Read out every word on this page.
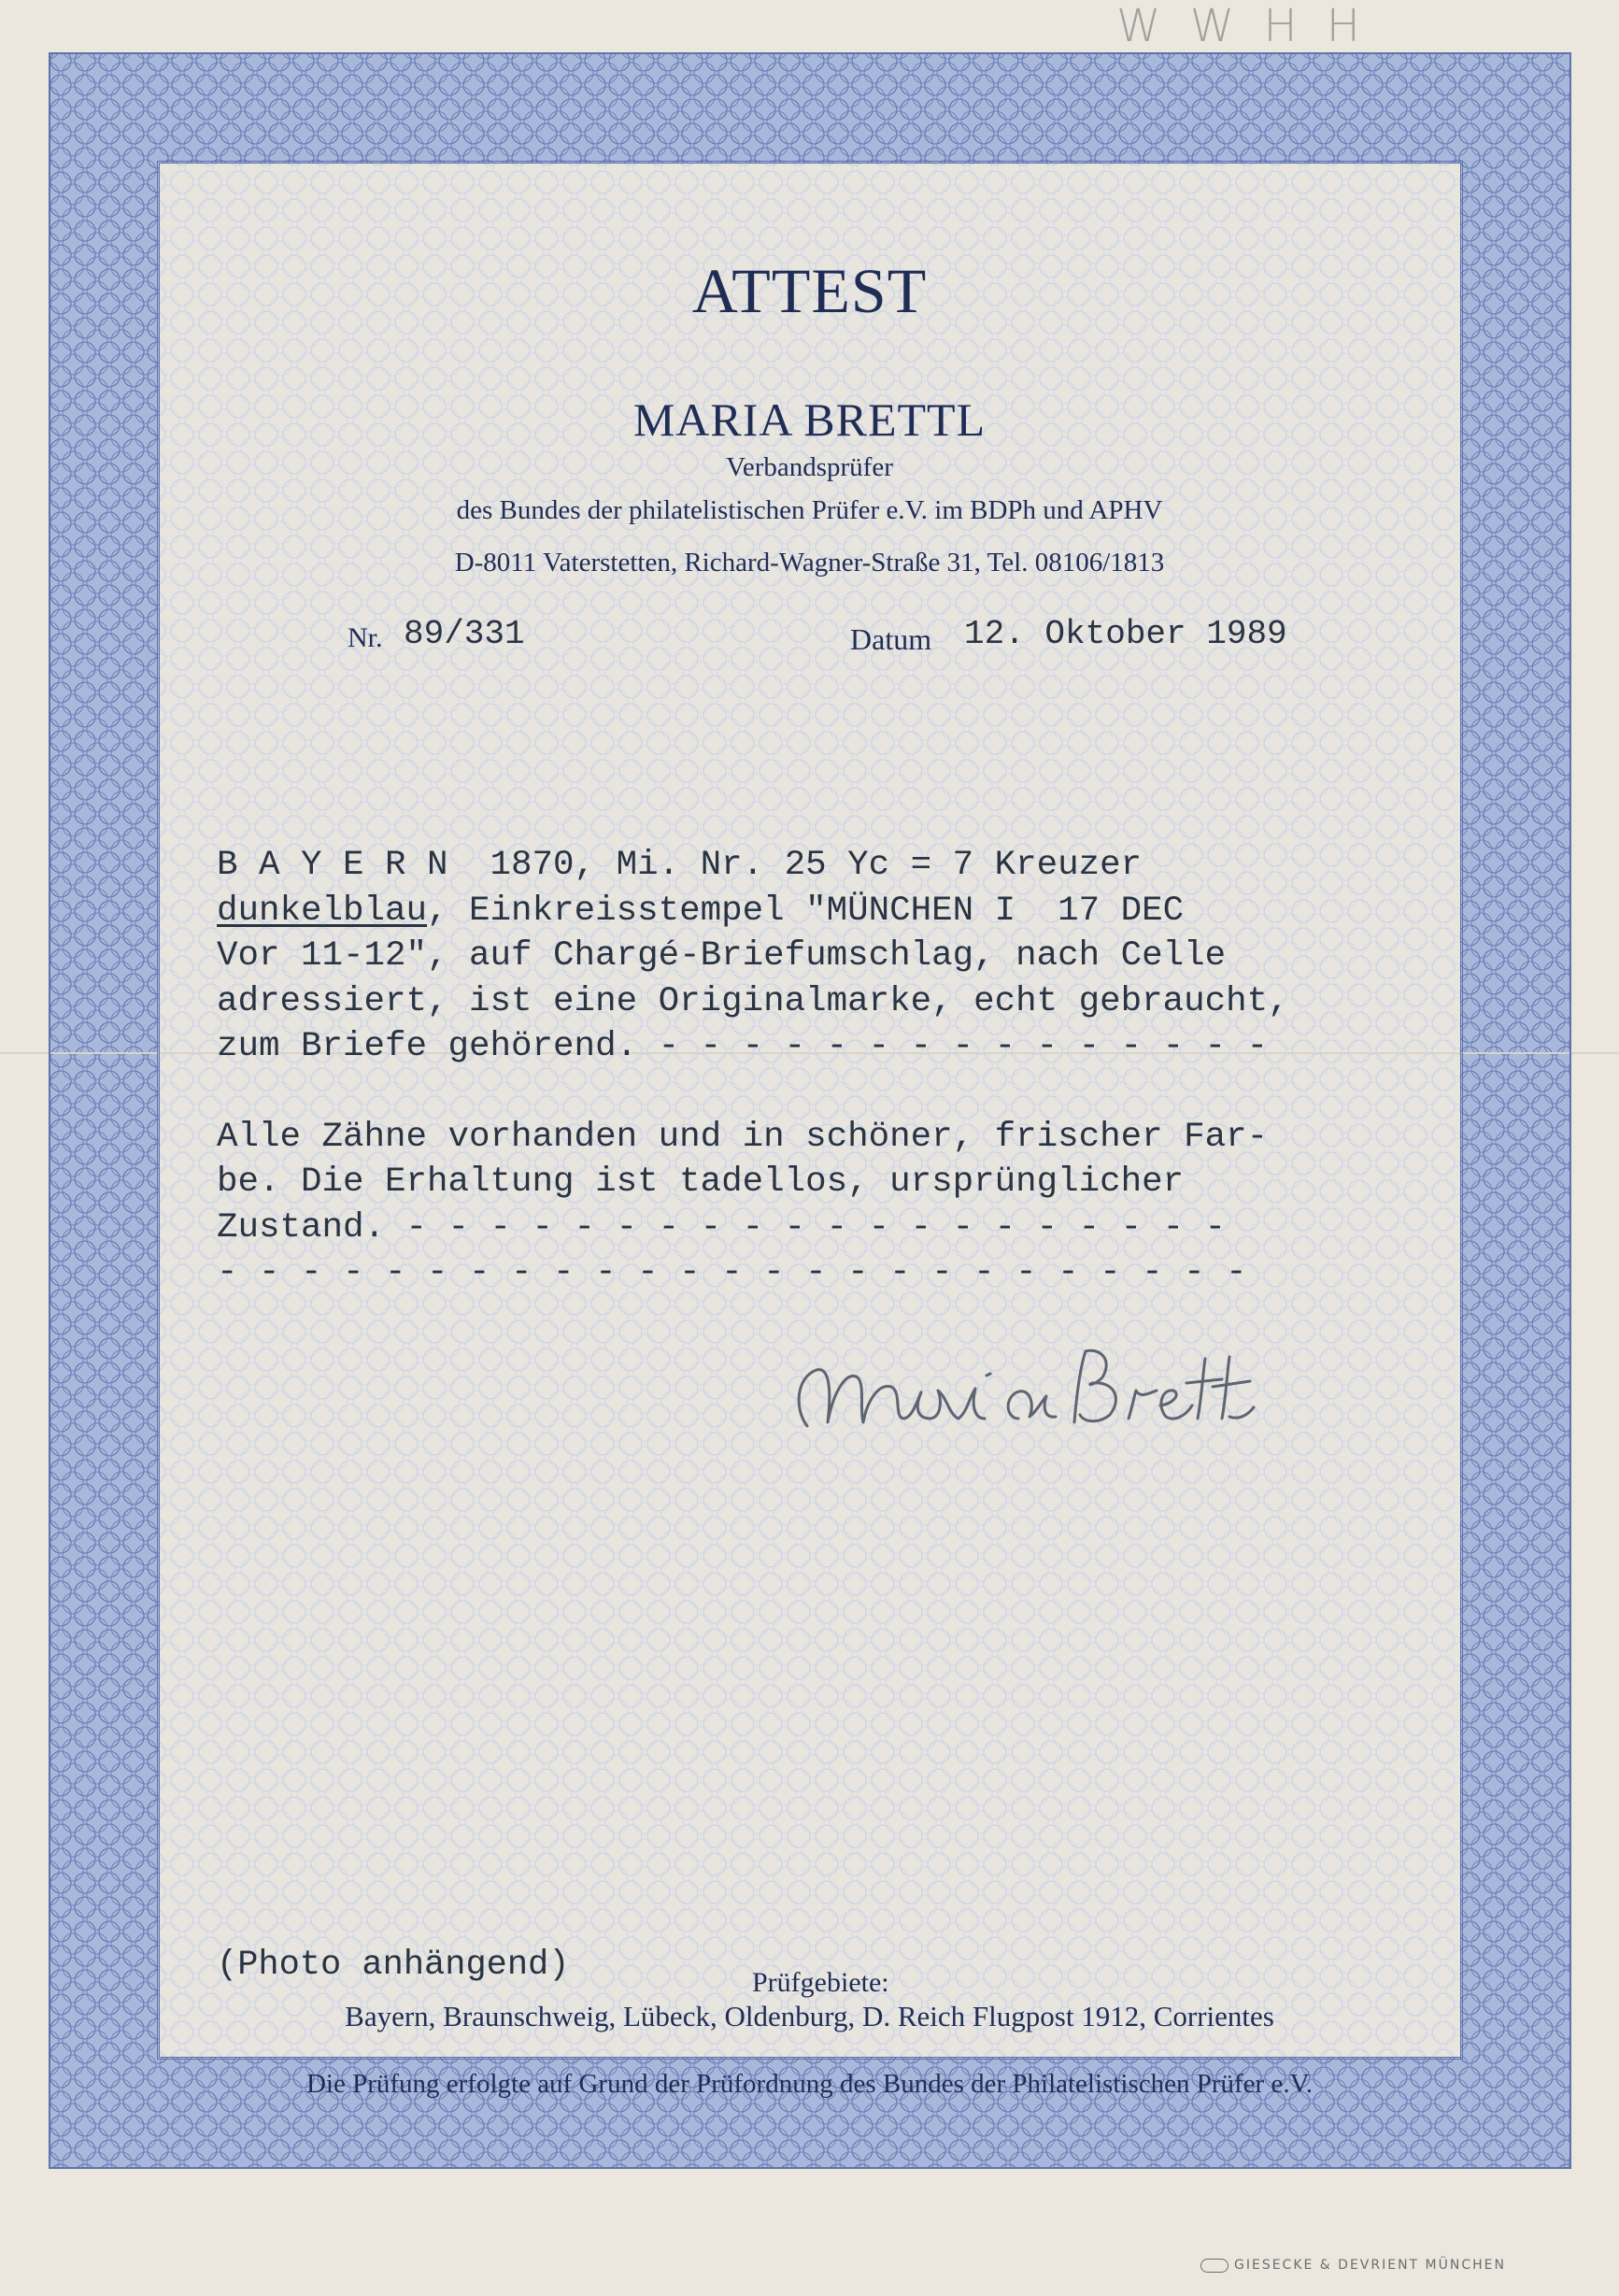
W W H H
ATTEST
MARIA BRETTL
Verbandsprüfer
des Bundes der philatelistischen Prüfer e.V. im BDPh und APHV
D-8011 Vaterstetten, Richard-Wagner-Straße 31, Tel. 08106/1813
Nr. 89/331	Datum 12. Oktober 1989
B A Y E R N  1870, Mi. Nr. 25 Yc = 7 Kreuzer
dunkelblau, Einkreisstempel "MÜNCHEN I  17 DEC
Vor 11-12", auf Chargé-Briefumschlag, nach Celle
adressiert, ist eine Originalmarke, echt gebraucht,
zum Briefe gehörend. - - - - - - - - - - - - - - -
Alle Zähne vorhanden und in schöner, frischer Far-
be. Die Erhaltung ist tadellos, ursprünglicher
Zustand. - - - - - - - - - - - - - - - - - - - -
- - - - - - - - - - - - - - - - - - - - - - - - -
(Photo anhängend)	Prüfgebiete:
Bayern, Braunschweig, Lübeck, Oldenburg, D. Reich Flugpost 1912, Corrientes
Die Prüfung erfolgte auf Grund der Prüfordnung des Bundes der Philatelistischen Prüfer e.V.
GIESECKE & DEVRIENT MÜNCHEN
